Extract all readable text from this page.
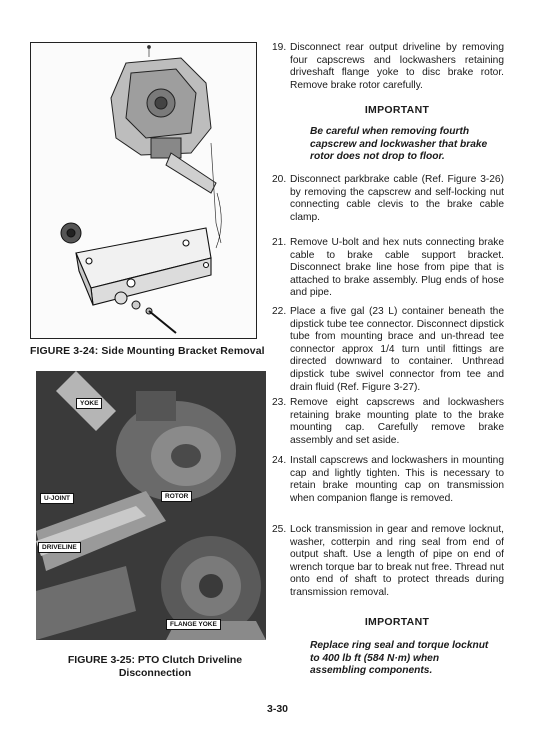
FIGURE 3-24: Side Mounting Bracket Removal
YOKE
U-JOINT	ROTOR
DRIVELINE
FLANGE YOKE
FIGURE 3-25: PTO Clutch Driveline
Disconnection
19. Disconnect rear output driveline by removing four capscrews and lockwashers retaining driveshaft flange yoke to disc brake rotor. Remove brake rotor carefully.
IMPORTANT
Be careful when removing fourth capscrew and lockwasher that brake rotor does not drop to floor.
20. Disconnect parkbrake cable (Ref. Figure 3-26) by removing the capscrew and self-locking nut connecting cable clevis to the brake cable clamp.
21. Remove U-bolt and hex nuts connecting brake cable to brake cable support bracket. Disconnect brake line hose from pipe that is attached to brake assembly. Plug ends of hose and pipe.
22. Place a five gal (23 L) container beneath the dipstick tube tee connector. Disconnect dipstick tube from mounting brace and un-thread tee connector approx 1/4 turn until fittings are directed downward to container. Unthread dipstick tube swivel connector from tee and drain fluid (Ref. Figure 3-27).
23. Remove eight capscrews and lockwashers retaining brake mounting plate to the brake mounting cap. Carefully remove brake assembly and set aside.
24. Install capscrews and lockwashers in mounting cap and lightly tighten. This is necessary to retain brake mounting cap on transmission when companion flange is removed.
25. Lock transmission in gear and remove locknut, washer, cotterpin and ring seal from end of output shaft. Use a length of pipe on end of wrench torque bar to break nut free. Thread nut onto end of shaft to protect threads during transmission removal.
IMPORTANT
Replace ring seal and torque locknut to 400 lb ft (584 N·m) when assembling components.
3-30
